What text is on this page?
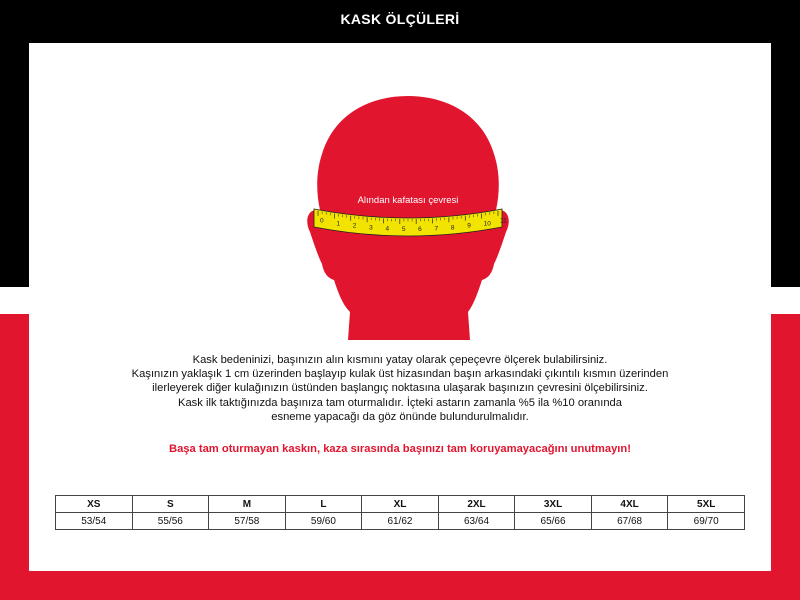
KASK ÖLÇÜLERİ
Alından kafatası çevresi
0 1 2 3 4 5 6 7 8 9 10 11
Kask bedeninizi, başınızın alın kısmını yatay olarak çepeçevre ölçerek bulabilirsiniz.
Kaşınızın yaklaşık 1 cm üzerinden başlayıp kulak üst hizasından başın arkasındaki çıkıntılı kısmın üzerinden
ilerleyerek diğer kulağınızın üstünden başlangıç noktasına ulaşarak başınızın çevresini ölçebilirsiniz.
Kask ilk taktığınızda başınıza tam oturmalıdır. İçteki astarın zamanla %5 ila %10 oranında
esneme yapacağı da göz önünde bulundurulmalıdır.
Başa tam oturmayan kaskın, kaza sırasında başınızı tam koruyamayacağını unutmayın!
XS	S	M	L	XL	2XL	3XL	4XL	5XL
53/54	55/56	57/58	59/60	61/62	63/64	65/66	67/68	69/70
